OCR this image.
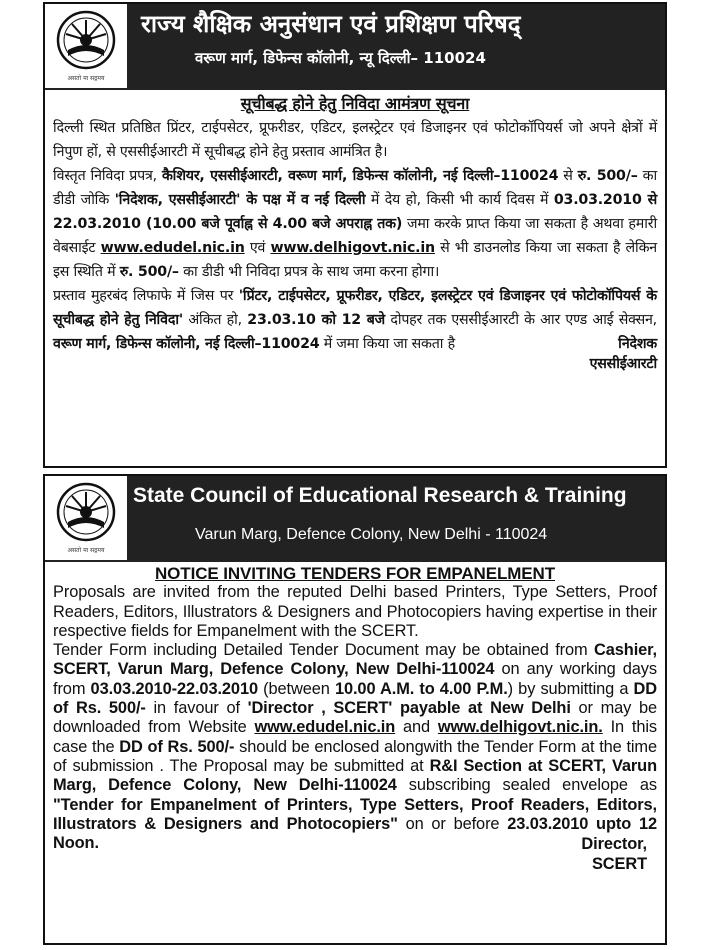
असतो मा सद्गमय
राज्य शैक्षिक अनुसंधान एवं प्रशिक्षण परिषद्
वरूण मार्ग, डिफेन्स कॉलोनी, न्यू दिल्ली– 110024
सूचीबद्ध होने हेतु निविदा आमंत्रण सूचना

दिल्ली स्थित प्रतिष्ठित प्रिंटर, टाईपसेटर, प्रूफरीडर, एडिटर, इलस्ट्रेटर एवं डिजाइनर एवं फोटोकॉपियर्स जो अपने क्षेत्रों में निपुण हों, से एससीईआरटी में सूचीबद्ध होने हेतु प्रस्ताव आमंत्रित है।

विस्तृत निविदा प्रपत्र, कैशियर, एससीईआरटी, वरूण मार्ग, डिफेन्स कॉलोनी, नई दिल्ली–110024 से रु. 500/– का डीडी जोकि 'निदेशक, एससीईआरटी' के पक्ष में व नई दिल्ली में देय हो, किसी भी कार्य दिवस में 03.03.2010 से 22.03.2010 (10.00 बजे पूर्वाह्न से 4.00 बजे अपराह्न तक) जमा करके प्राप्त किया जा सकता है अथवा हमारी वेबसाईट www.edudel.nic.in एवं www.delhigovt.nic.in से भी डाउनलोड किया जा सकता है लेकिन इस स्थिति में रु. 500/– का डीडी भी निविदा प्रपत्र के साथ जमा करना होगा।

प्रस्ताव मुहरबंद लिफाफे में जिस पर 'प्रिंटर, टाईपसेटर, प्रूफरीडर, एडिटर, इलस्ट्रेटर एवं डिजाइनर एवं फोटोकॉपियर्स के सूचीबद्ध होने हेतु निविदा' अंकित हो, 23.03.10 को 12 बजे दोपहर तक एससीईआरटी के आर एण्ड आई सेक्सन, वरूण मार्ग, डिफेन्स कॉलोनी, नई दिल्ली–110024 में जमा किया जा सकता है	निदेशक

एससीईआरटी

असतो मा सद्गमय
State Council of Educational Research & Training
Varun Marg, Defence Colony, New Delhi - 110024
NOTICE INVITING TENDERS FOR EMPANELMENT

Proposals are invited from the reputed Delhi based Printers, Type Setters, Proof Readers, Editors, Illustrators & Designers and Photocopiers having expertise in their respective fields for Empanelment with the SCERT.

Tender Form including Detailed Tender Document may be obtained from Cashier, SCERT, Varun Marg, Defence Colony, New Delhi-110024 on any working days from 03.03.2010-22.03.2010 (between 10.00 A.M. to 4.00 P.M.) by submitting a DD of Rs. 500/- in favour of 'Director , SCERT' payable at New Delhi or may be downloaded from Website www.edudel.nic.in and www.delhigovt.nic.in. In this case the DD of Rs. 500/- should be enclosed alongwith the Tender Form at the time of submission . The Proposal may be submitted at R&I Section at SCERT, Varun Marg, Defence Colony, New Delhi-110024 subscribing sealed envelope as "Tender for Empanelment of Printers, Type Setters, Proof Readers, Editors, Illustrators & Designers and Photocopiers" on or before 23.03.2010 upto 12 Noon.	Director,

SCERT
